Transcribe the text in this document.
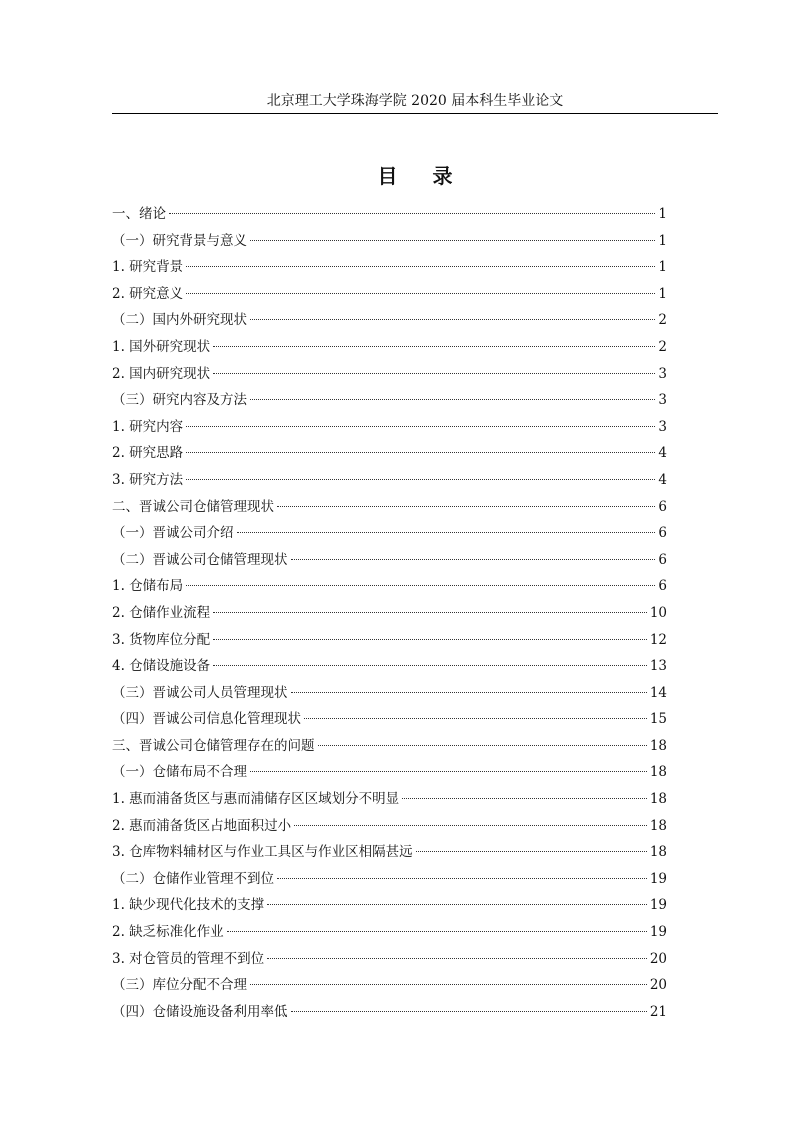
北京理工大学珠海学院 2020 届本科生毕业论文
目 录
一、绪论	1
（一）研究背景与意义	1
1. 研究背景	1
2. 研究意义	1
（二）国内外研究现状	2
1. 国外研究现状	2
2. 国内研究现状	3
（三）研究内容及方法	3
1. 研究内容	3
2. 研究思路	4
3. 研究方法	4
二、晋诚公司仓储管理现状	6
（一）晋诚公司介绍	6
（二）晋诚公司仓储管理现状	6
1. 仓储布局	6
2. 仓储作业流程	10
3. 货物库位分配	12
4. 仓储设施设备	13
（三）晋诚公司人员管理现状	14
（四）晋诚公司信息化管理现状	15
三、晋诚公司仓储管理存在的问题	18
（一）仓储布局不合理	18
1. 惠而浦备货区与惠而浦储存区区域划分不明显	18
2. 惠而浦备货区占地面积过小	18
3. 仓库物料辅材区与作业工具区与作业区相隔甚远	18
（二）仓储作业管理不到位	19
1. 缺少现代化技术的支撑	19
2. 缺乏标准化作业	19
3. 对仓管员的管理不到位	20
（三）库位分配不合理	20
（四）仓储设施设备利用率低	21
